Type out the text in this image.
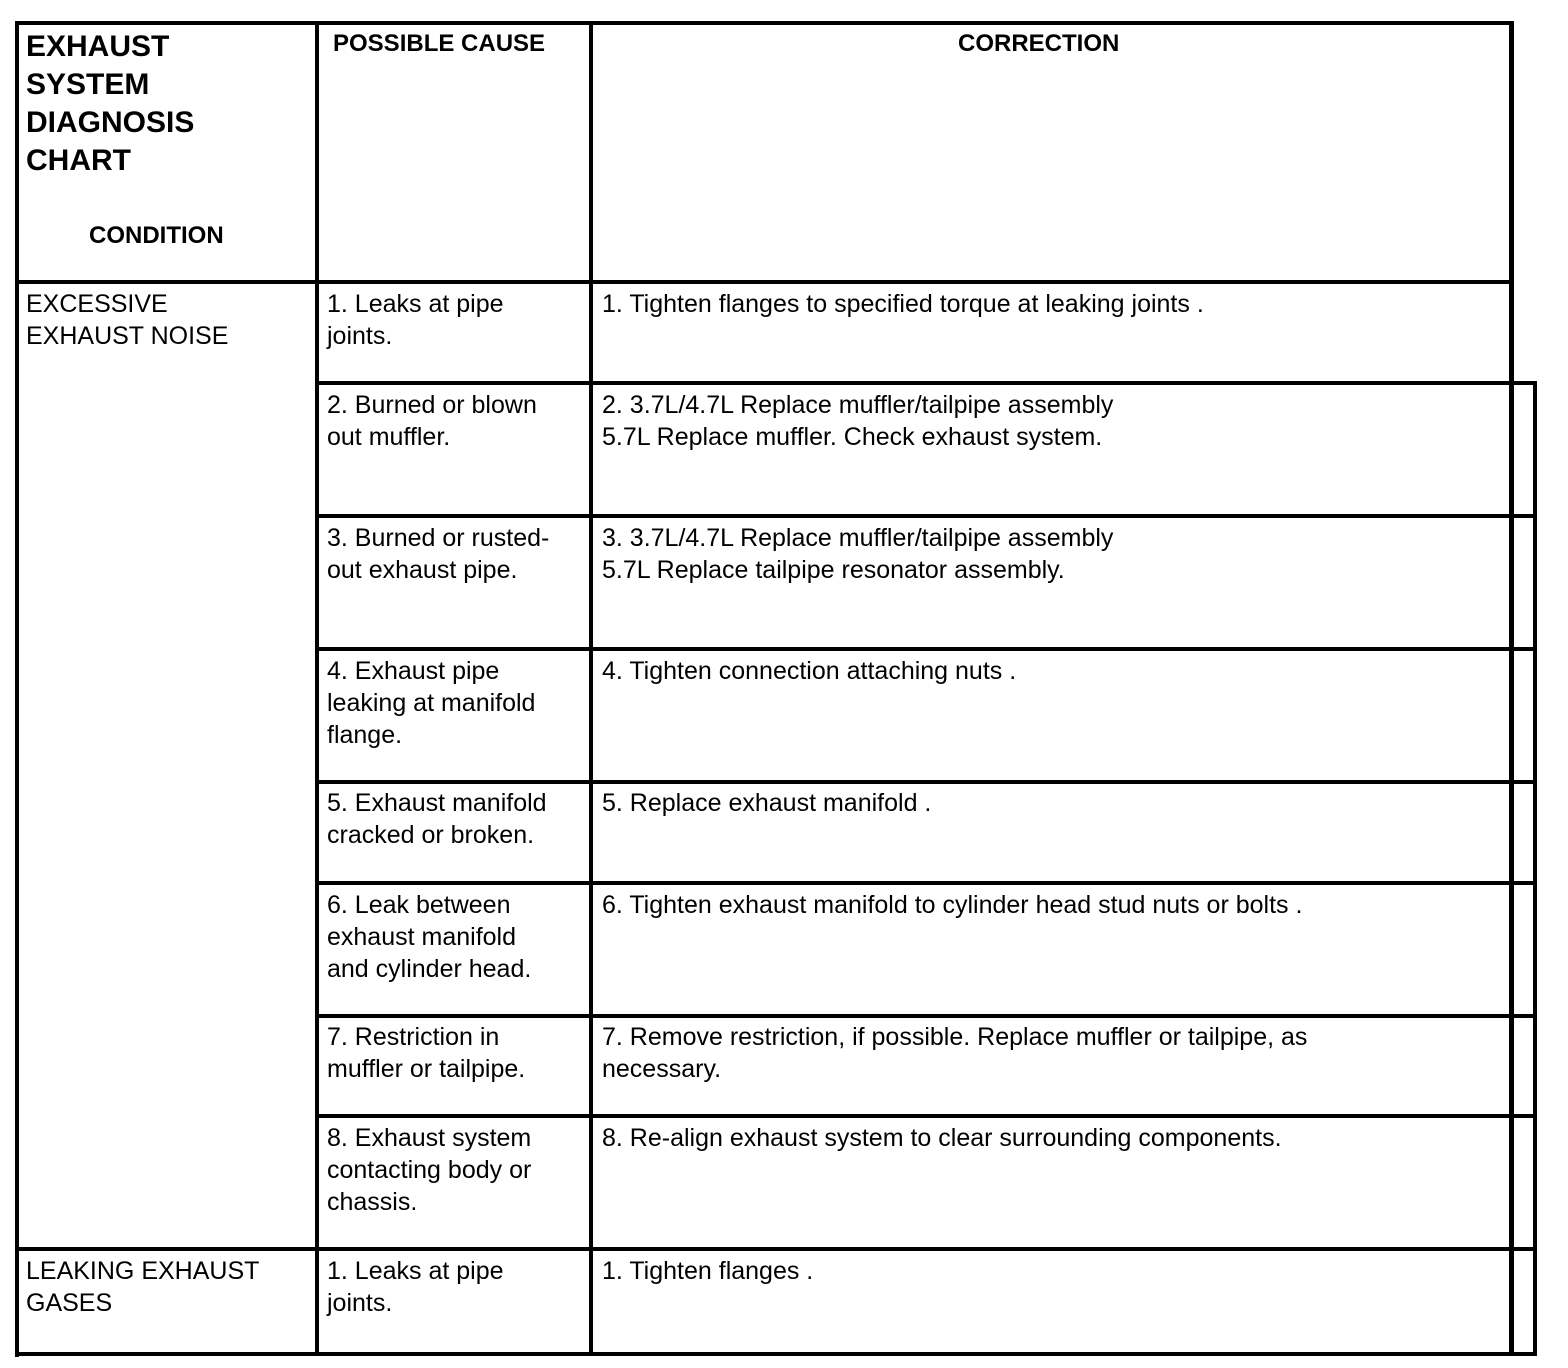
EXHAUST
SYSTEM
DIAGNOSIS
CHART
CONDITION
POSSIBLE CAUSE	CORRECTION
EXCESSIVE
EXHAUST NOISE
1. Leaks at pipe
joints.
1. Tighten flanges to specified torque at leaking joints .
2. Burned or blown
out muffler.
2. 3.7L/4.7L Replace muffler/tailpipe assembly
5.7L Replace muffler. Check exhaust system.
3. Burned or rusted-
out exhaust pipe.
3. 3.7L/4.7L Replace muffler/tailpipe assembly
5.7L Replace tailpipe resonator assembly.
4. Exhaust pipe
leaking at manifold
flange.
4. Tighten connection attaching nuts .
5. Exhaust manifold
cracked or broken.
5. Replace exhaust manifold .
6. Leak between
exhaust manifold
and cylinder head.
6. Tighten exhaust manifold to cylinder head stud nuts or bolts .
7. Restriction in
muffler or tailpipe.
7. Remove restriction, if possible. Replace muffler or tailpipe, as
necessary.
8. Exhaust system
contacting body or
chassis.
8. Re-align exhaust system to clear surrounding components.
LEAKING EXHAUST
GASES
1. Leaks at pipe
joints.
1. Tighten flanges .
